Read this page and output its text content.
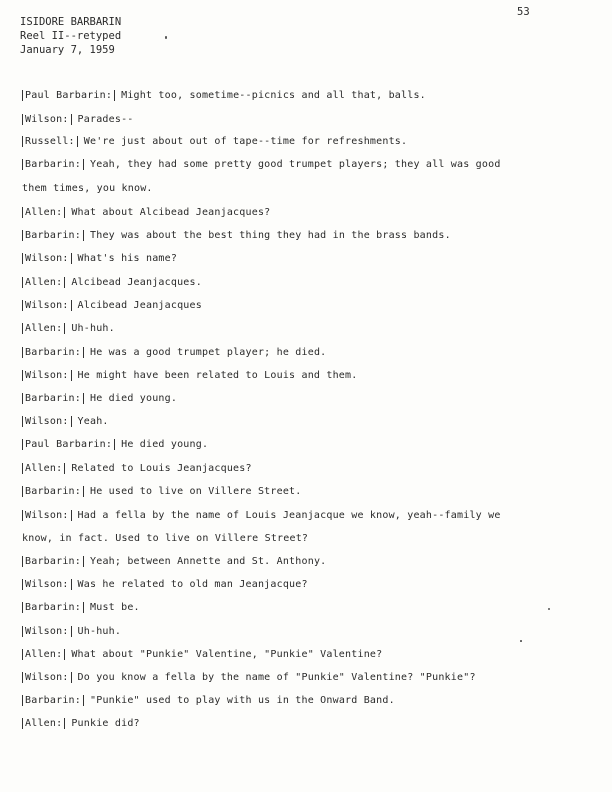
ISIDORE BARBARIN
Reel II--retyped
January 7, 1959
53
Paul Barbarin: Might too, sometime--picnics and all that, balls.
Wilson: Parades--
Russell: We're just about out of tape--time for refreshments.
Barbarin: Yeah, they had some pretty good trumpet players; they all was good
them times, you know.
Allen: What about Alcibead Jeanjacques?
Barbarin: They was about the best thing they had in the brass bands.
Wilson: What's his name?
Allen: Alcibead Jeanjacques.
Wilson: Alcibead Jeanjacques
Allen: Uh-huh.
Barbarin: He was a good trumpet player; he died.
Wilson: He might have been related to Louis and them.
Barbarin: He died young.
Wilson: Yeah.
Paul Barbarin: He died young.
Allen: Related to Louis Jeanjacques?
Barbarin: He used to live on Villere Street.
Wilson: Had a fella by the name of Louis Jeanjacque we know, yeah--family we
know, in fact. Used to live on Villere Street?
Barbarin: Yeah; between Annette and St. Anthony.
Wilson: Was he related to old man Jeanjacque?
Barbarin: Must be.
Wilson: Uh-huh.
Allen: What about "Punkie" Valentine, "Punkie" Valentine?
Wilson: Do you know a fella by the name of "Punkie" Valentine? "Punkie"?
Barbarin: "Punkie" used to play with us in the Onward Band.
Allen: Punkie did?
